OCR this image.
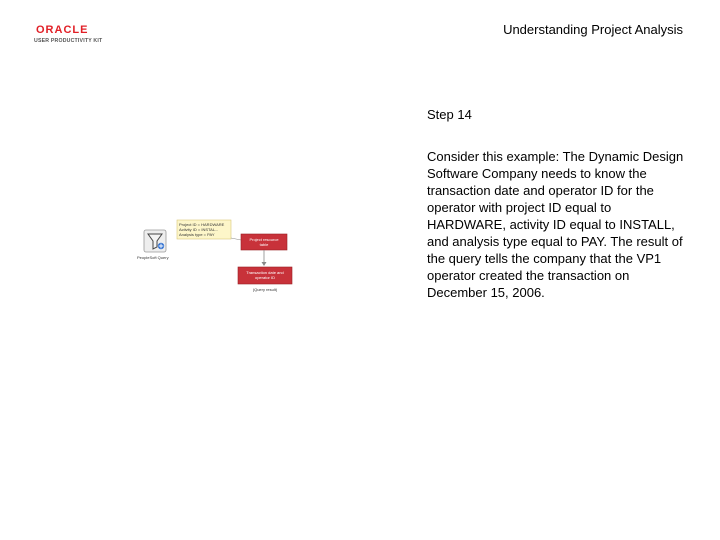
ORACLE
USER PRODUCTIVITY KIT
Understanding Project Analysis
Step 14
Consider this example: The Dynamic Design Software Company needs to know the transaction date and operator ID for the operator with project ID equal to HARDWARE, activity ID equal to INSTALL, and analysis type equal to PAY. The result of the query tells the company that the VP1 operator created the transaction on December 15, 2006.
PeopleSoft Query
Project ID = HARDWARE
Activity ID = INSTAL...
Analysis type = PAY
Project resource
table
Transaction date and
operator ID
(Query result)
